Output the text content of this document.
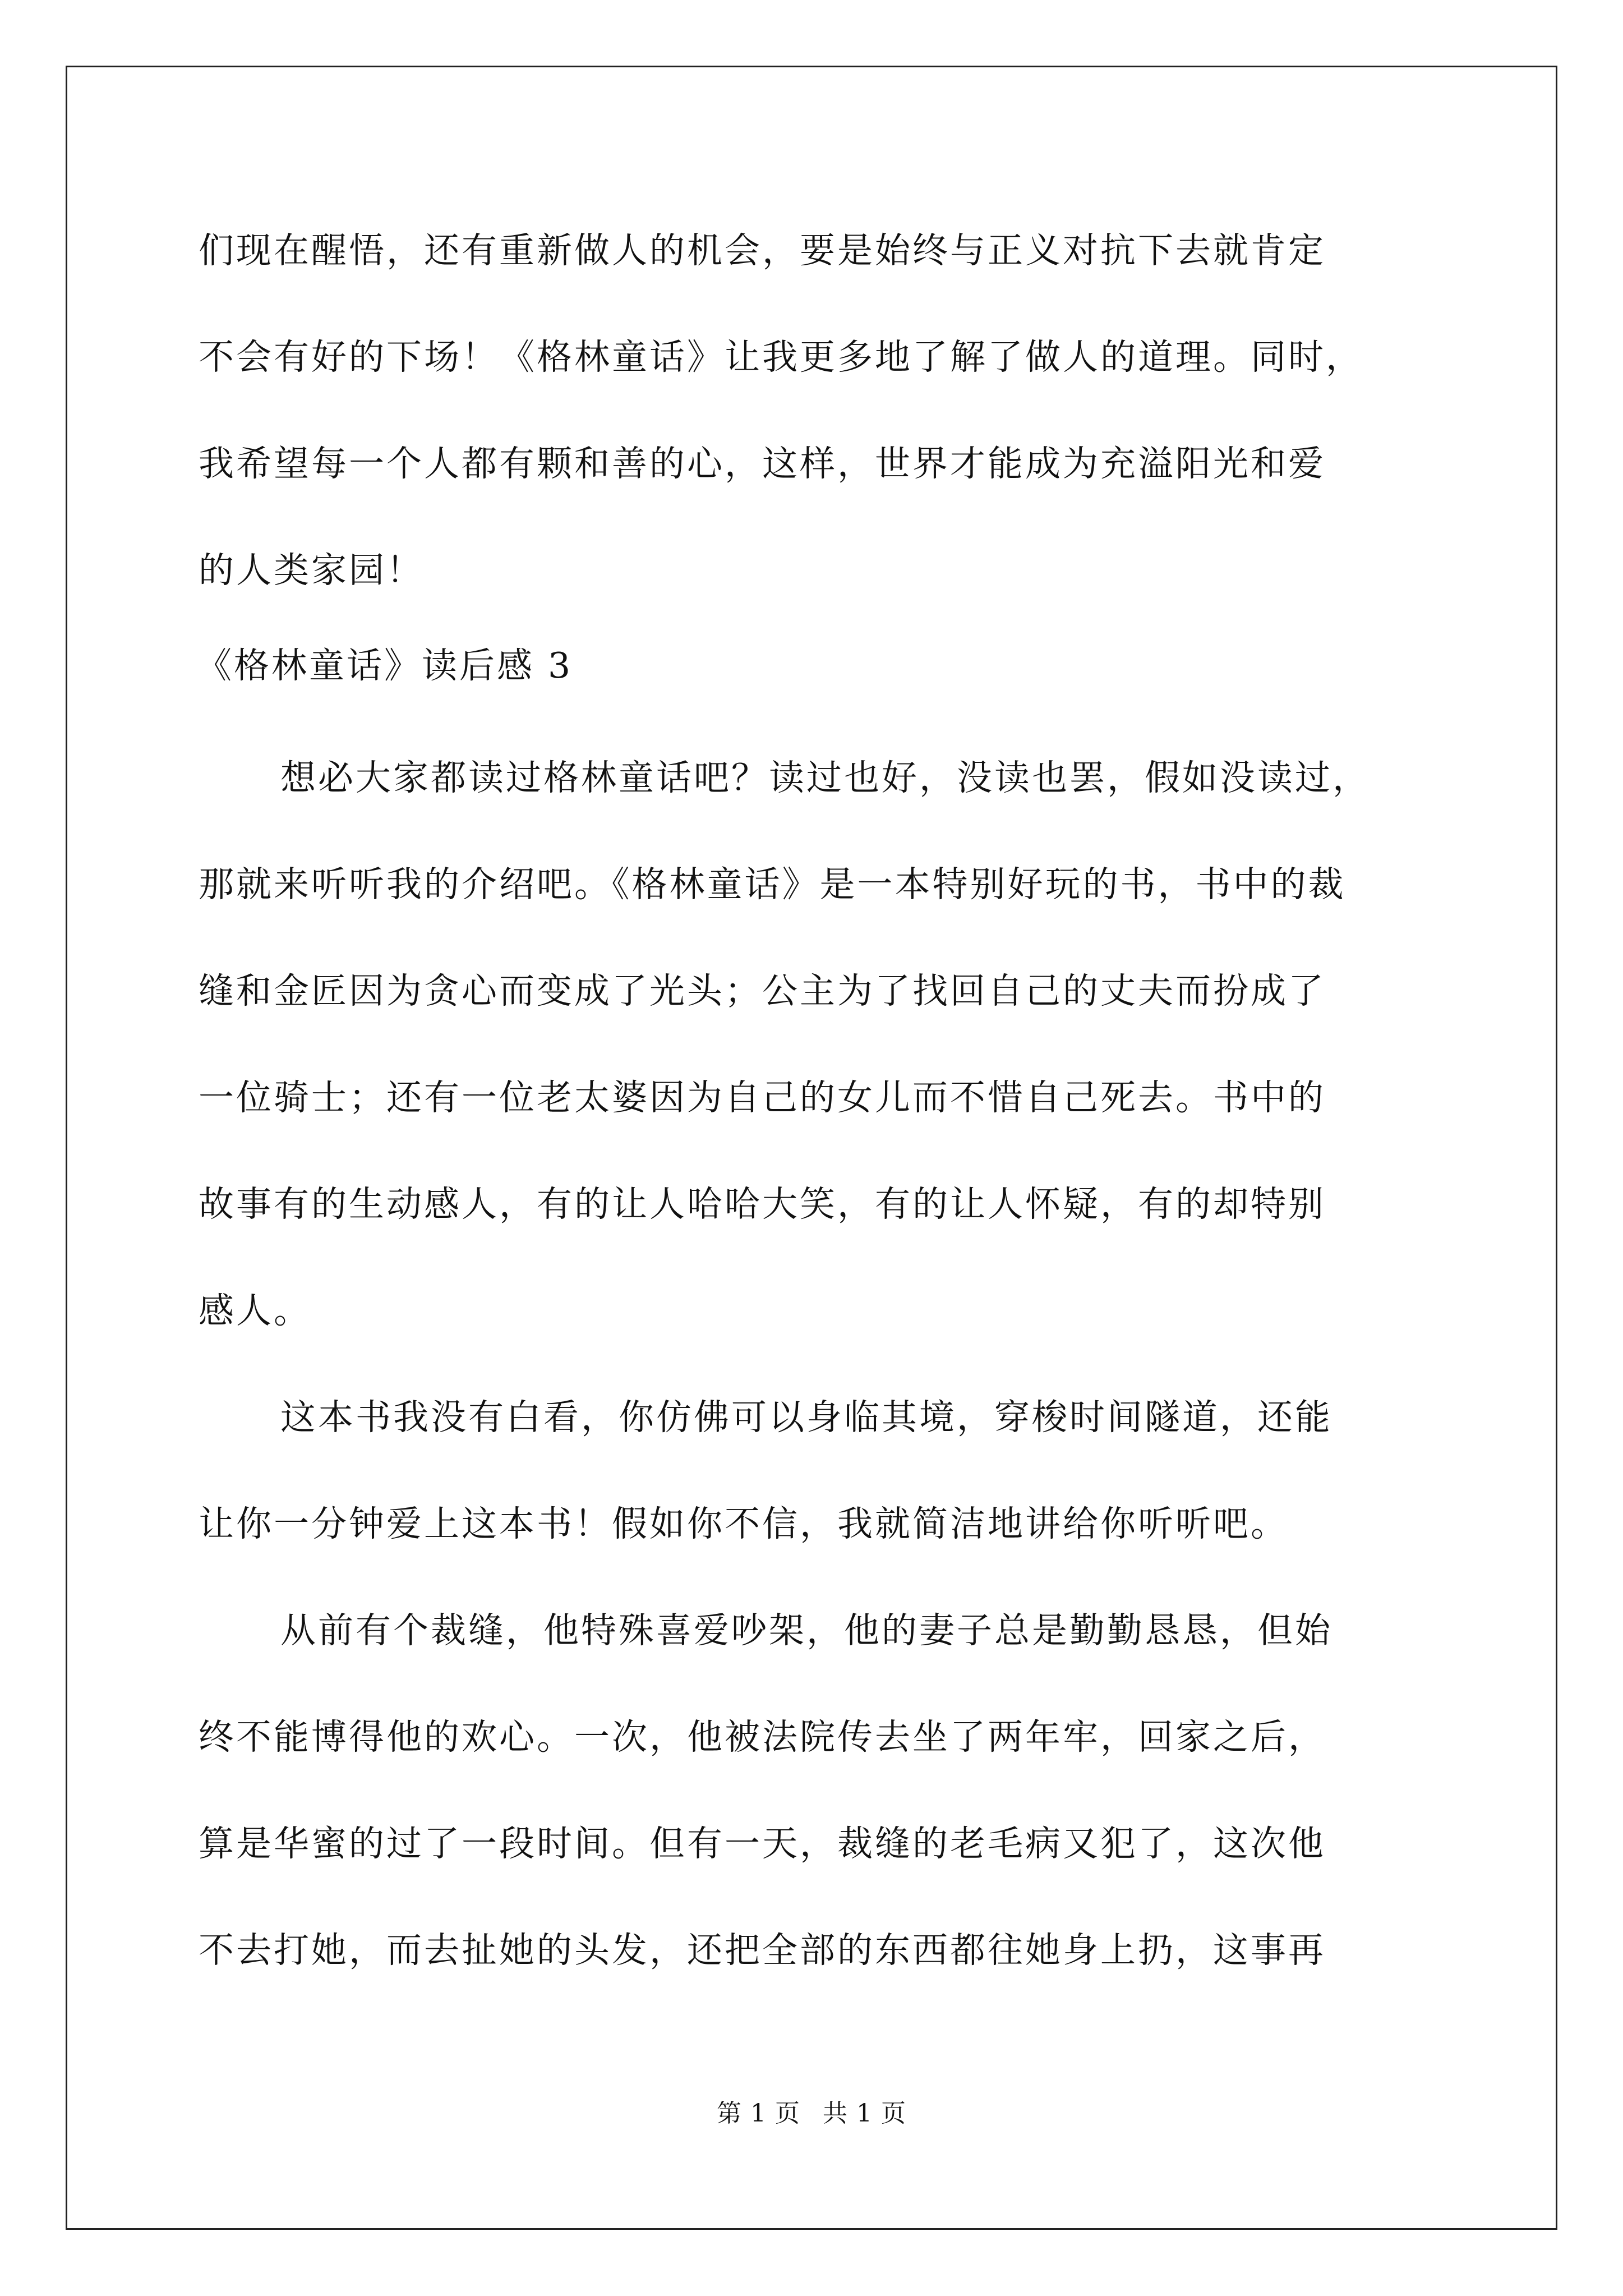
们现在醒悟，还有重新做人的机会，要是始终与正义对抗下去就肯定
不会有好的下场！《格林童话》让我更多地了解了做人的道理。同时，
我希望每一个人都有颗和善的心，这样，世界才能成为充溢阳光和爱
的人类家园！
《格林童话》读后感 3
想必大家都读过格林童话吧？读过也好，没读也罢，假如没读过，
那就来听听我的介绍吧。《格林童话》是一本特别好玩的书，书中的裁
缝和金匠因为贪心而变成了光头；公主为了找回自己的丈夫而扮成了
一位骑士；还有一位老太婆因为自己的女儿而不惜自己死去。书中的
故事有的生动感人，有的让人哈哈大笑，有的让人怀疑，有的却特别
感人。
这本书我没有白看，你仿佛可以身临其境，穿梭时间隧道，还能
让你一分钟爱上这本书！假如你不信，我就简洁地讲给你听听吧。
从前有个裁缝，他特殊喜爱吵架，他的妻子总是勤勤恳恳，但始
终不能博得他的欢心。一次，他被法院传去坐了两年牢，回家之后，
算是华蜜的过了一段时间。但有一天，裁缝的老毛病又犯了，这次他
不去打她，而去扯她的头发，还把全部的东西都往她身上扔，这事再
第 1 页 共 1 页
